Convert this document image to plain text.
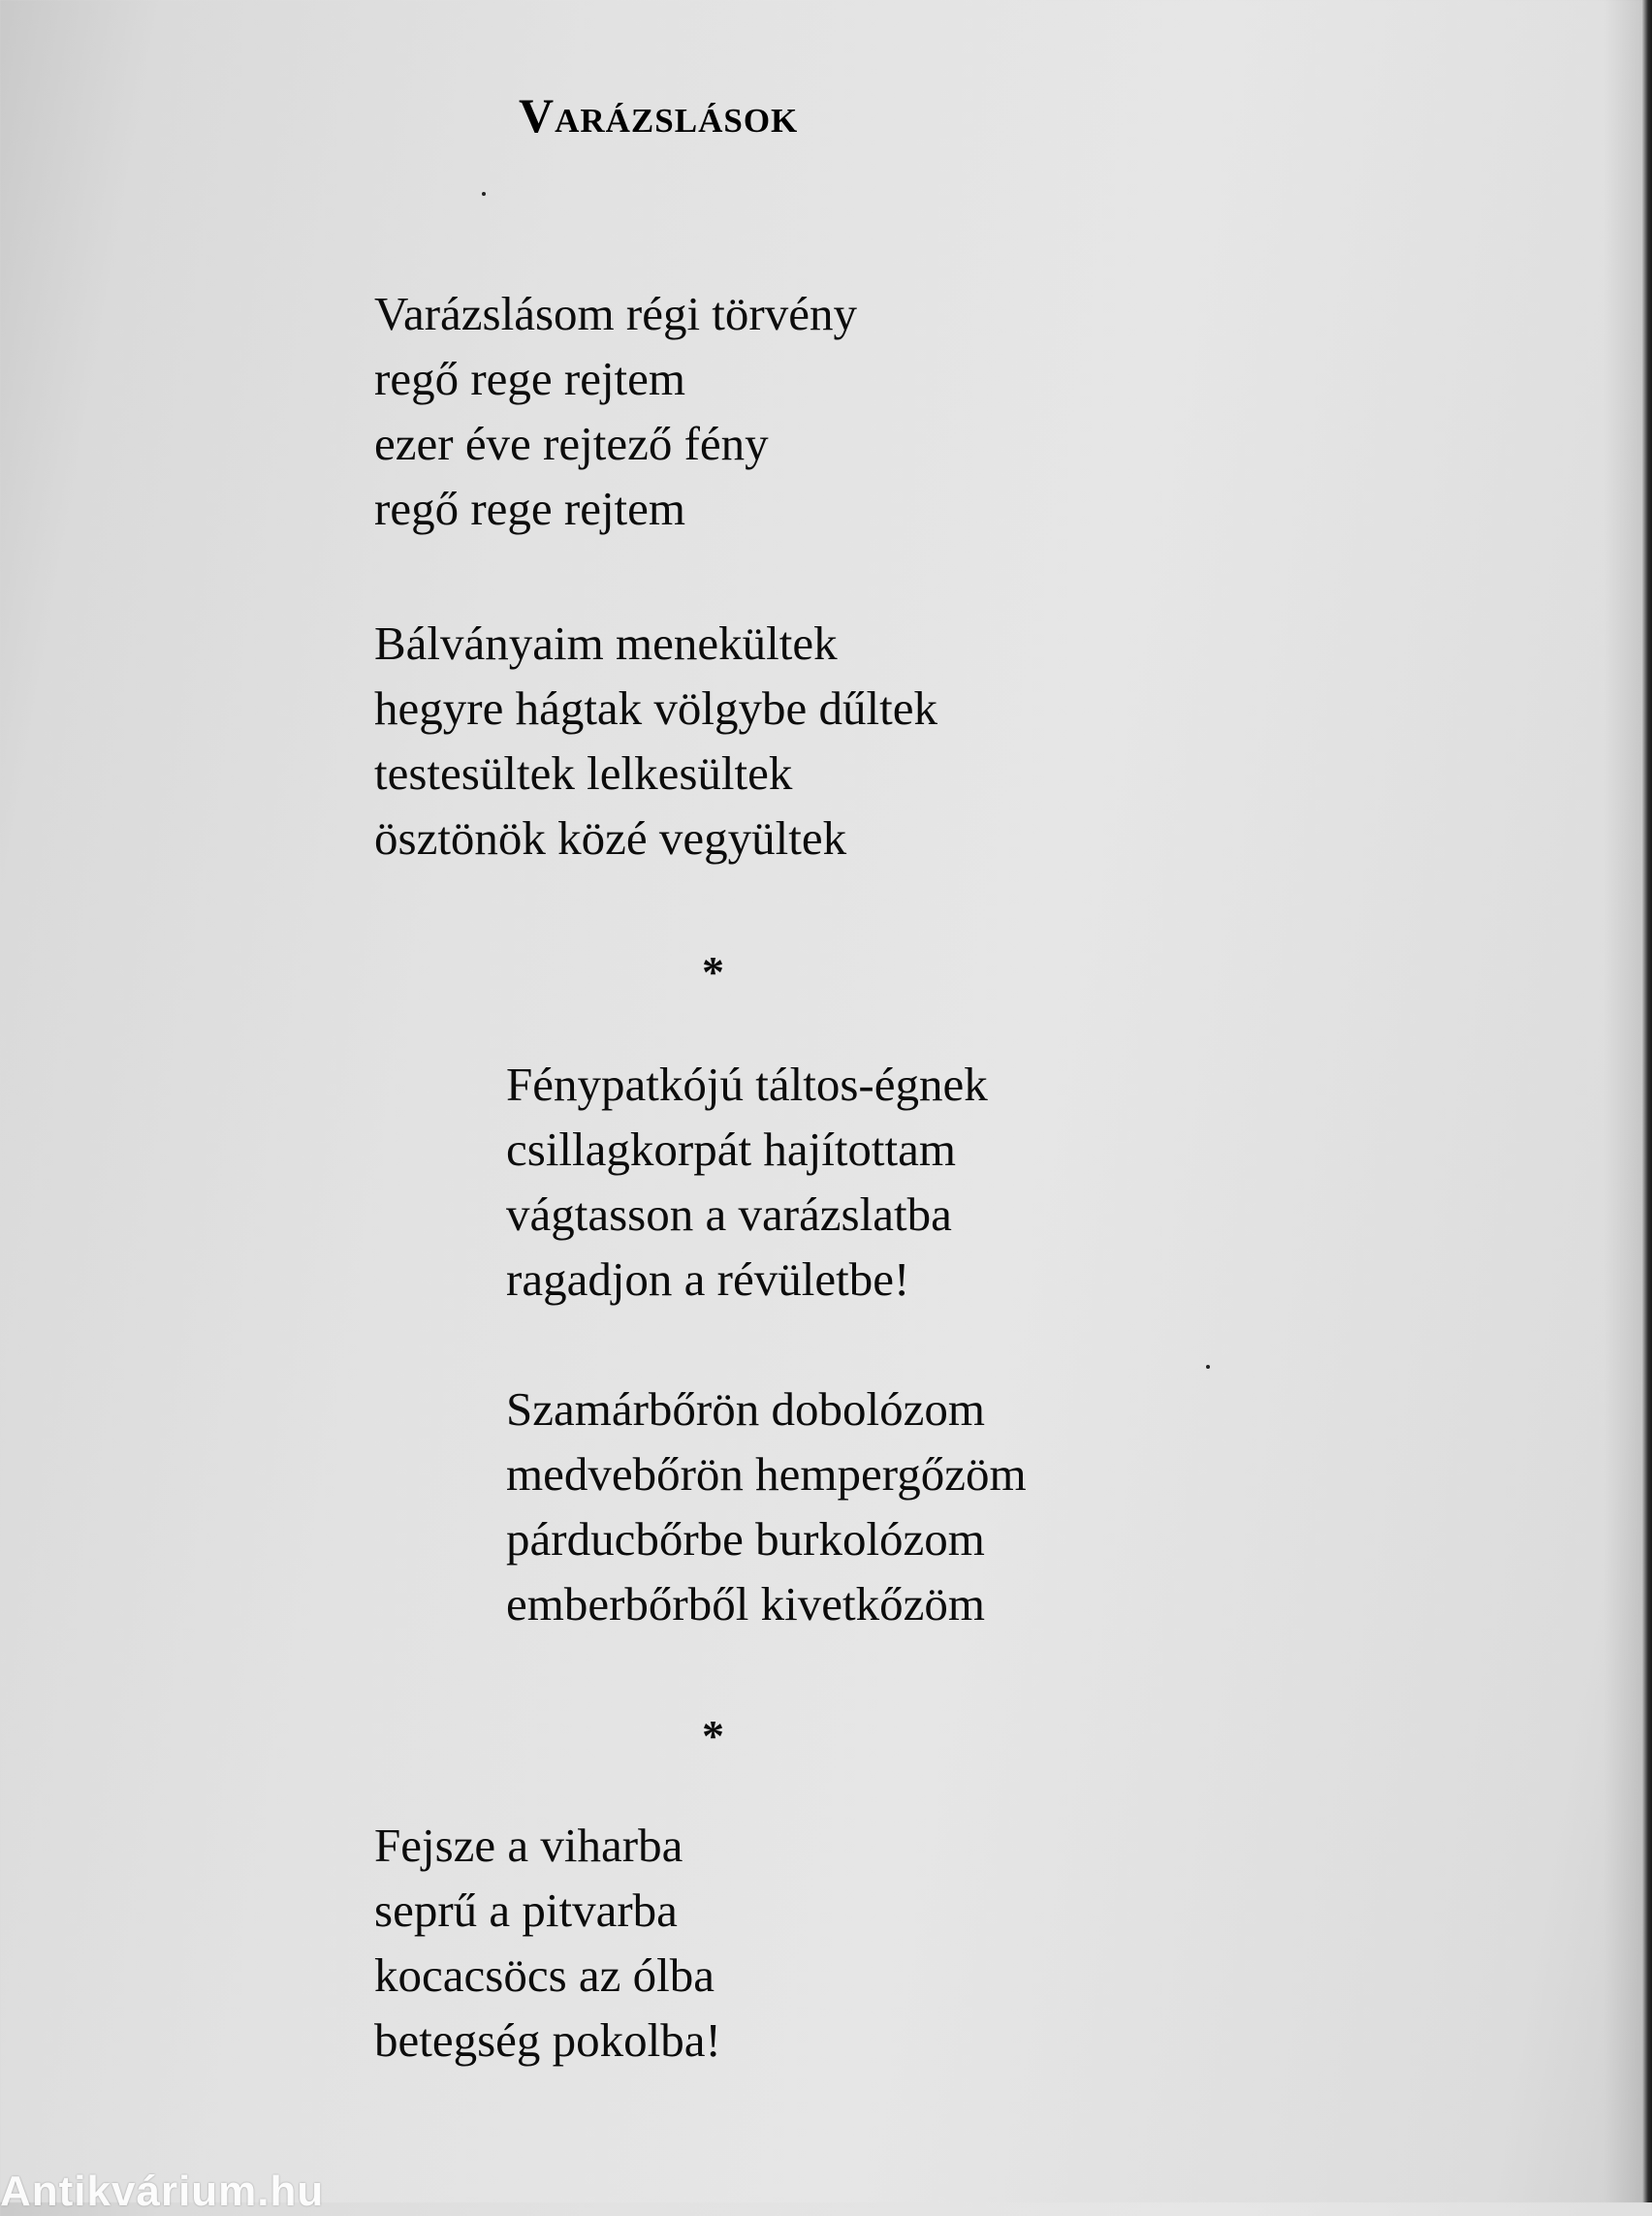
Varázslások
Varázslásom régi törvény
regő rege rejtem
ezer éve rejtező fény
regő rege rejtem
Bálványaim menekültek
hegyre hágtak völgybe dűltek
testesültek lelkesültek
ösztönök közé vegyültek
*
Fénypatkójú táltos-égnek
csillagkorpát hajítottam
vágtasson a varázslatba
ragadjon a révületbe!
Szamárbőrön dobolózom
medvebőrön hempergőzöm
párducbőrbe burkolózom
emberbőrből kivetkőzöm
*
Fejsze a viharba
seprű a pitvarba
kocacsöcs az ólba
betegség pokolba!
Antikvárium.hu
